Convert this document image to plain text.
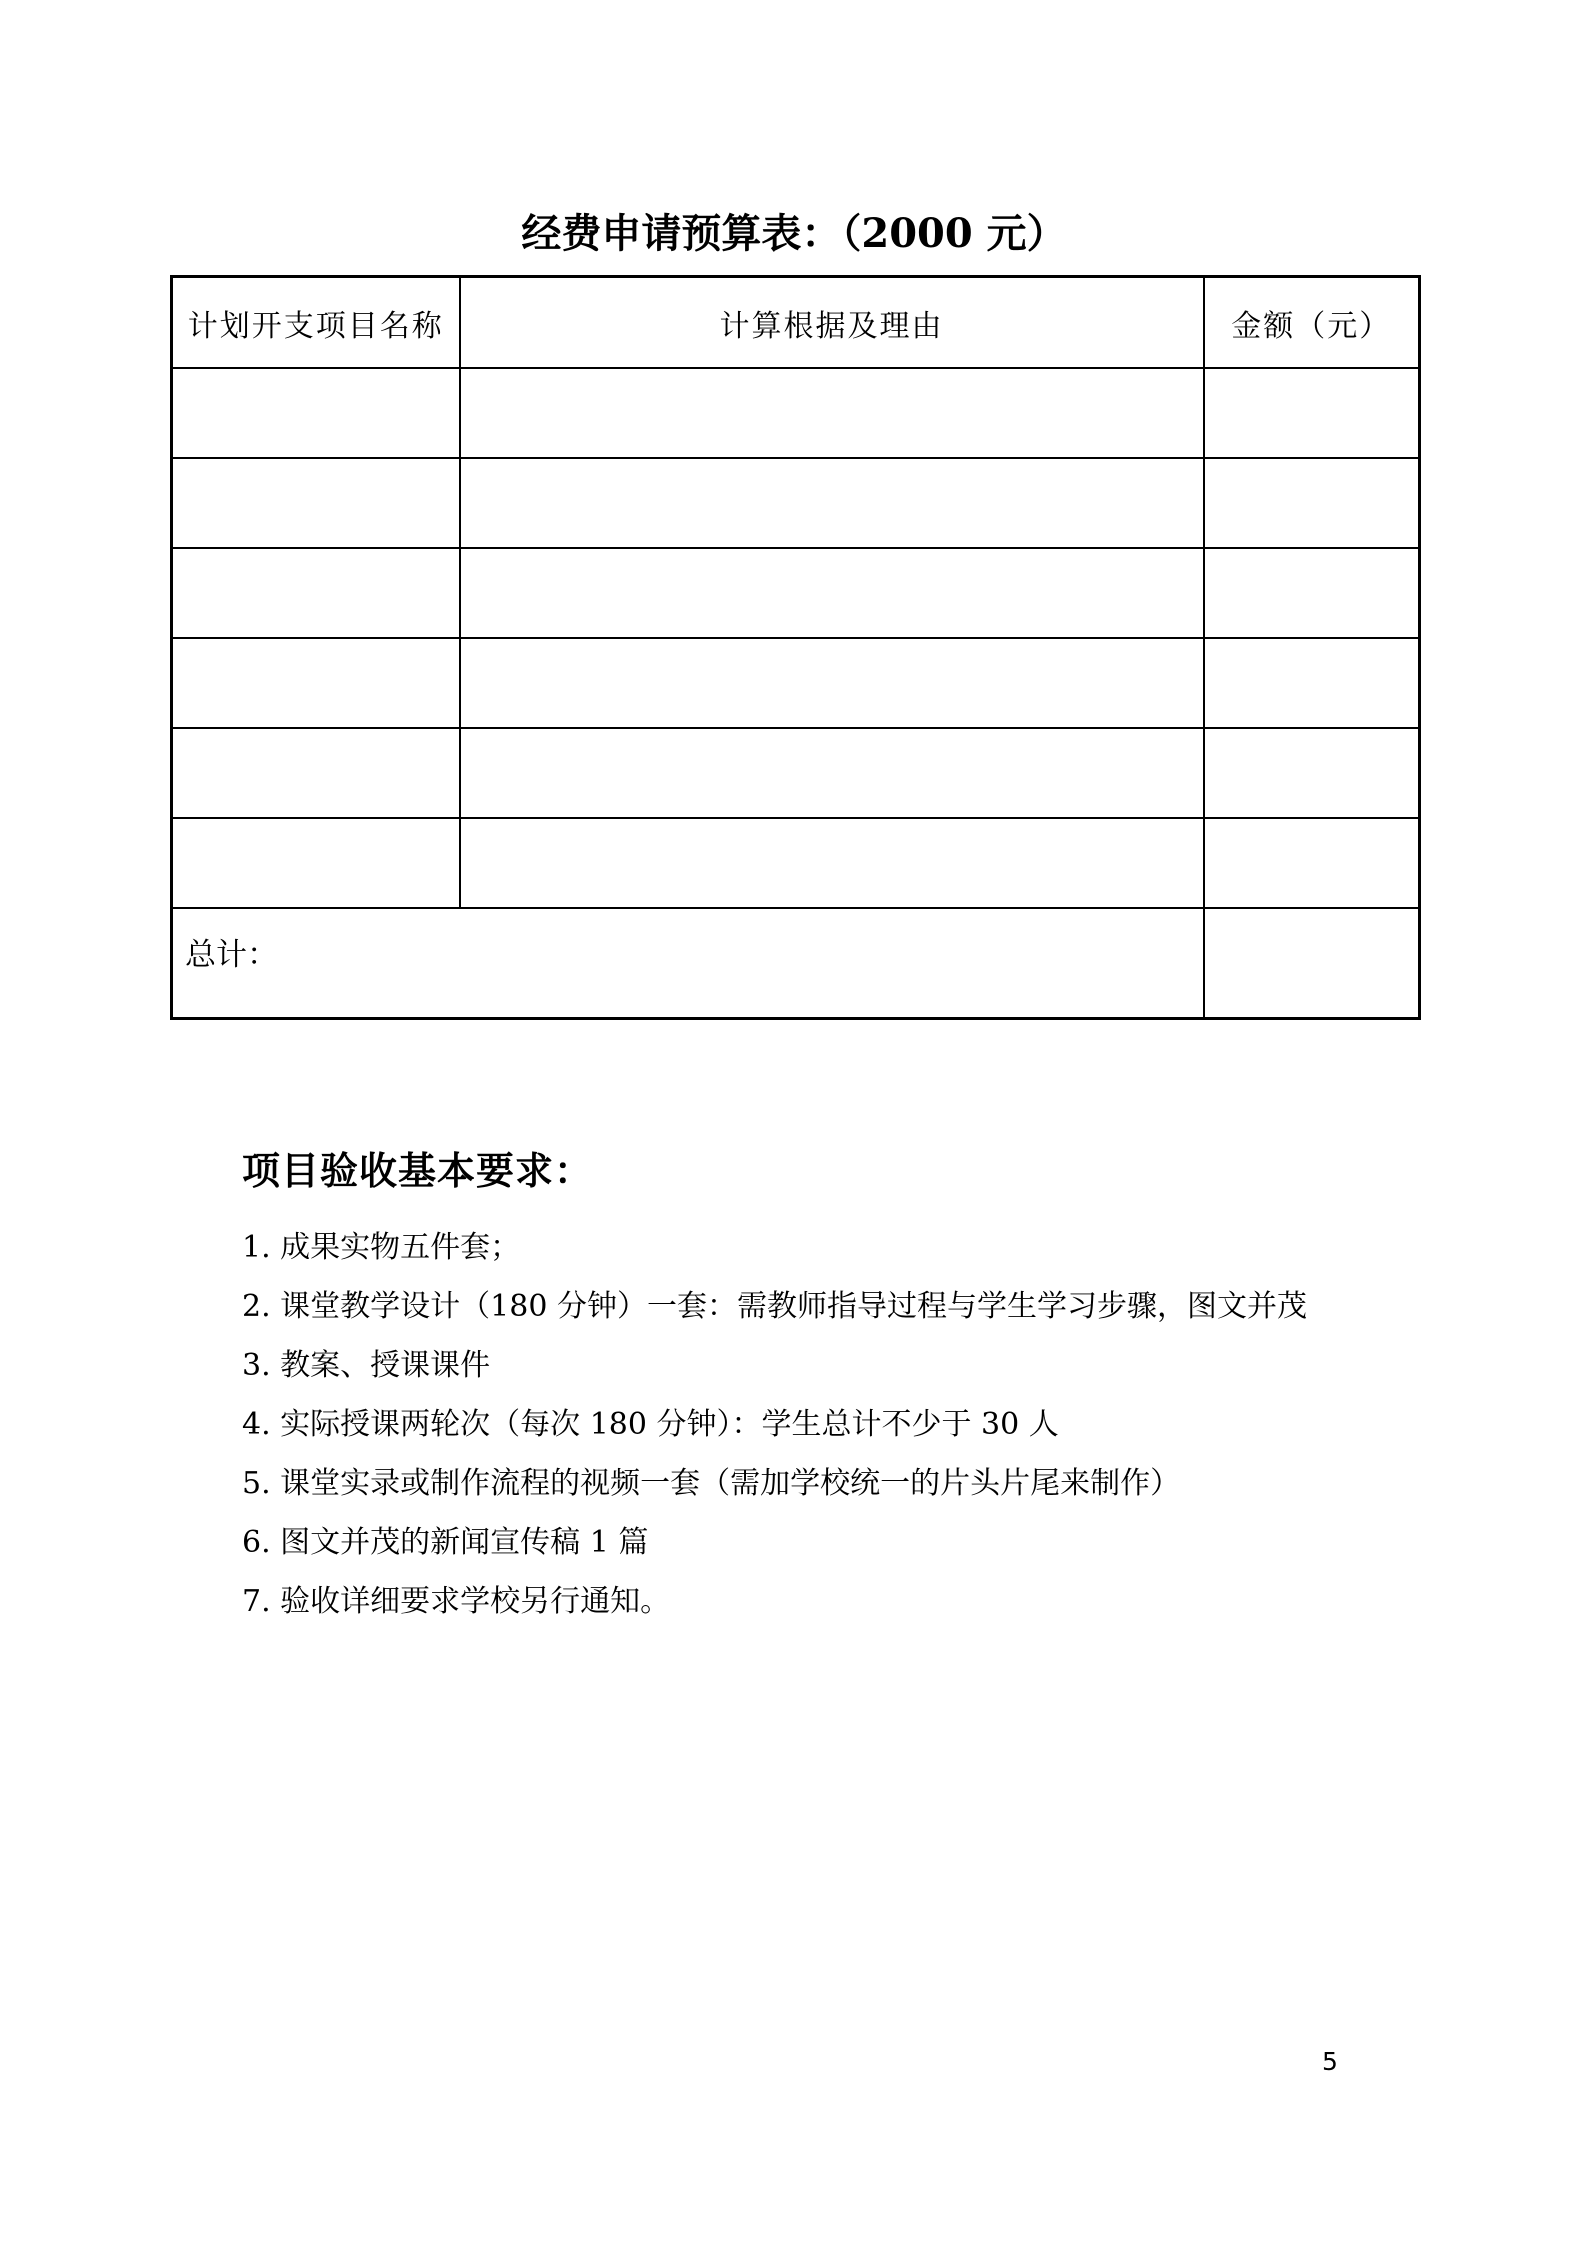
经费申请预算表：（2000 元）
计划开支项目名称	计算根据及理由	金额（元）

总计：		
项目验收基本要求：
1. 成果实物五件套；
2. 课堂教学设计（180 分钟）一套：需教师指导过程与学生学习步骤，图文并茂
3. 教案、授课课件
4. 实际授课两轮次（每次 180 分钟）：学生总计不少于 30 人
5. 课堂实录或制作流程的视频一套（需加学校统一的片头片尾来制作）
6. 图文并茂的新闻宣传稿 1 篇
7. 验收详细要求学校另行通知。
5
